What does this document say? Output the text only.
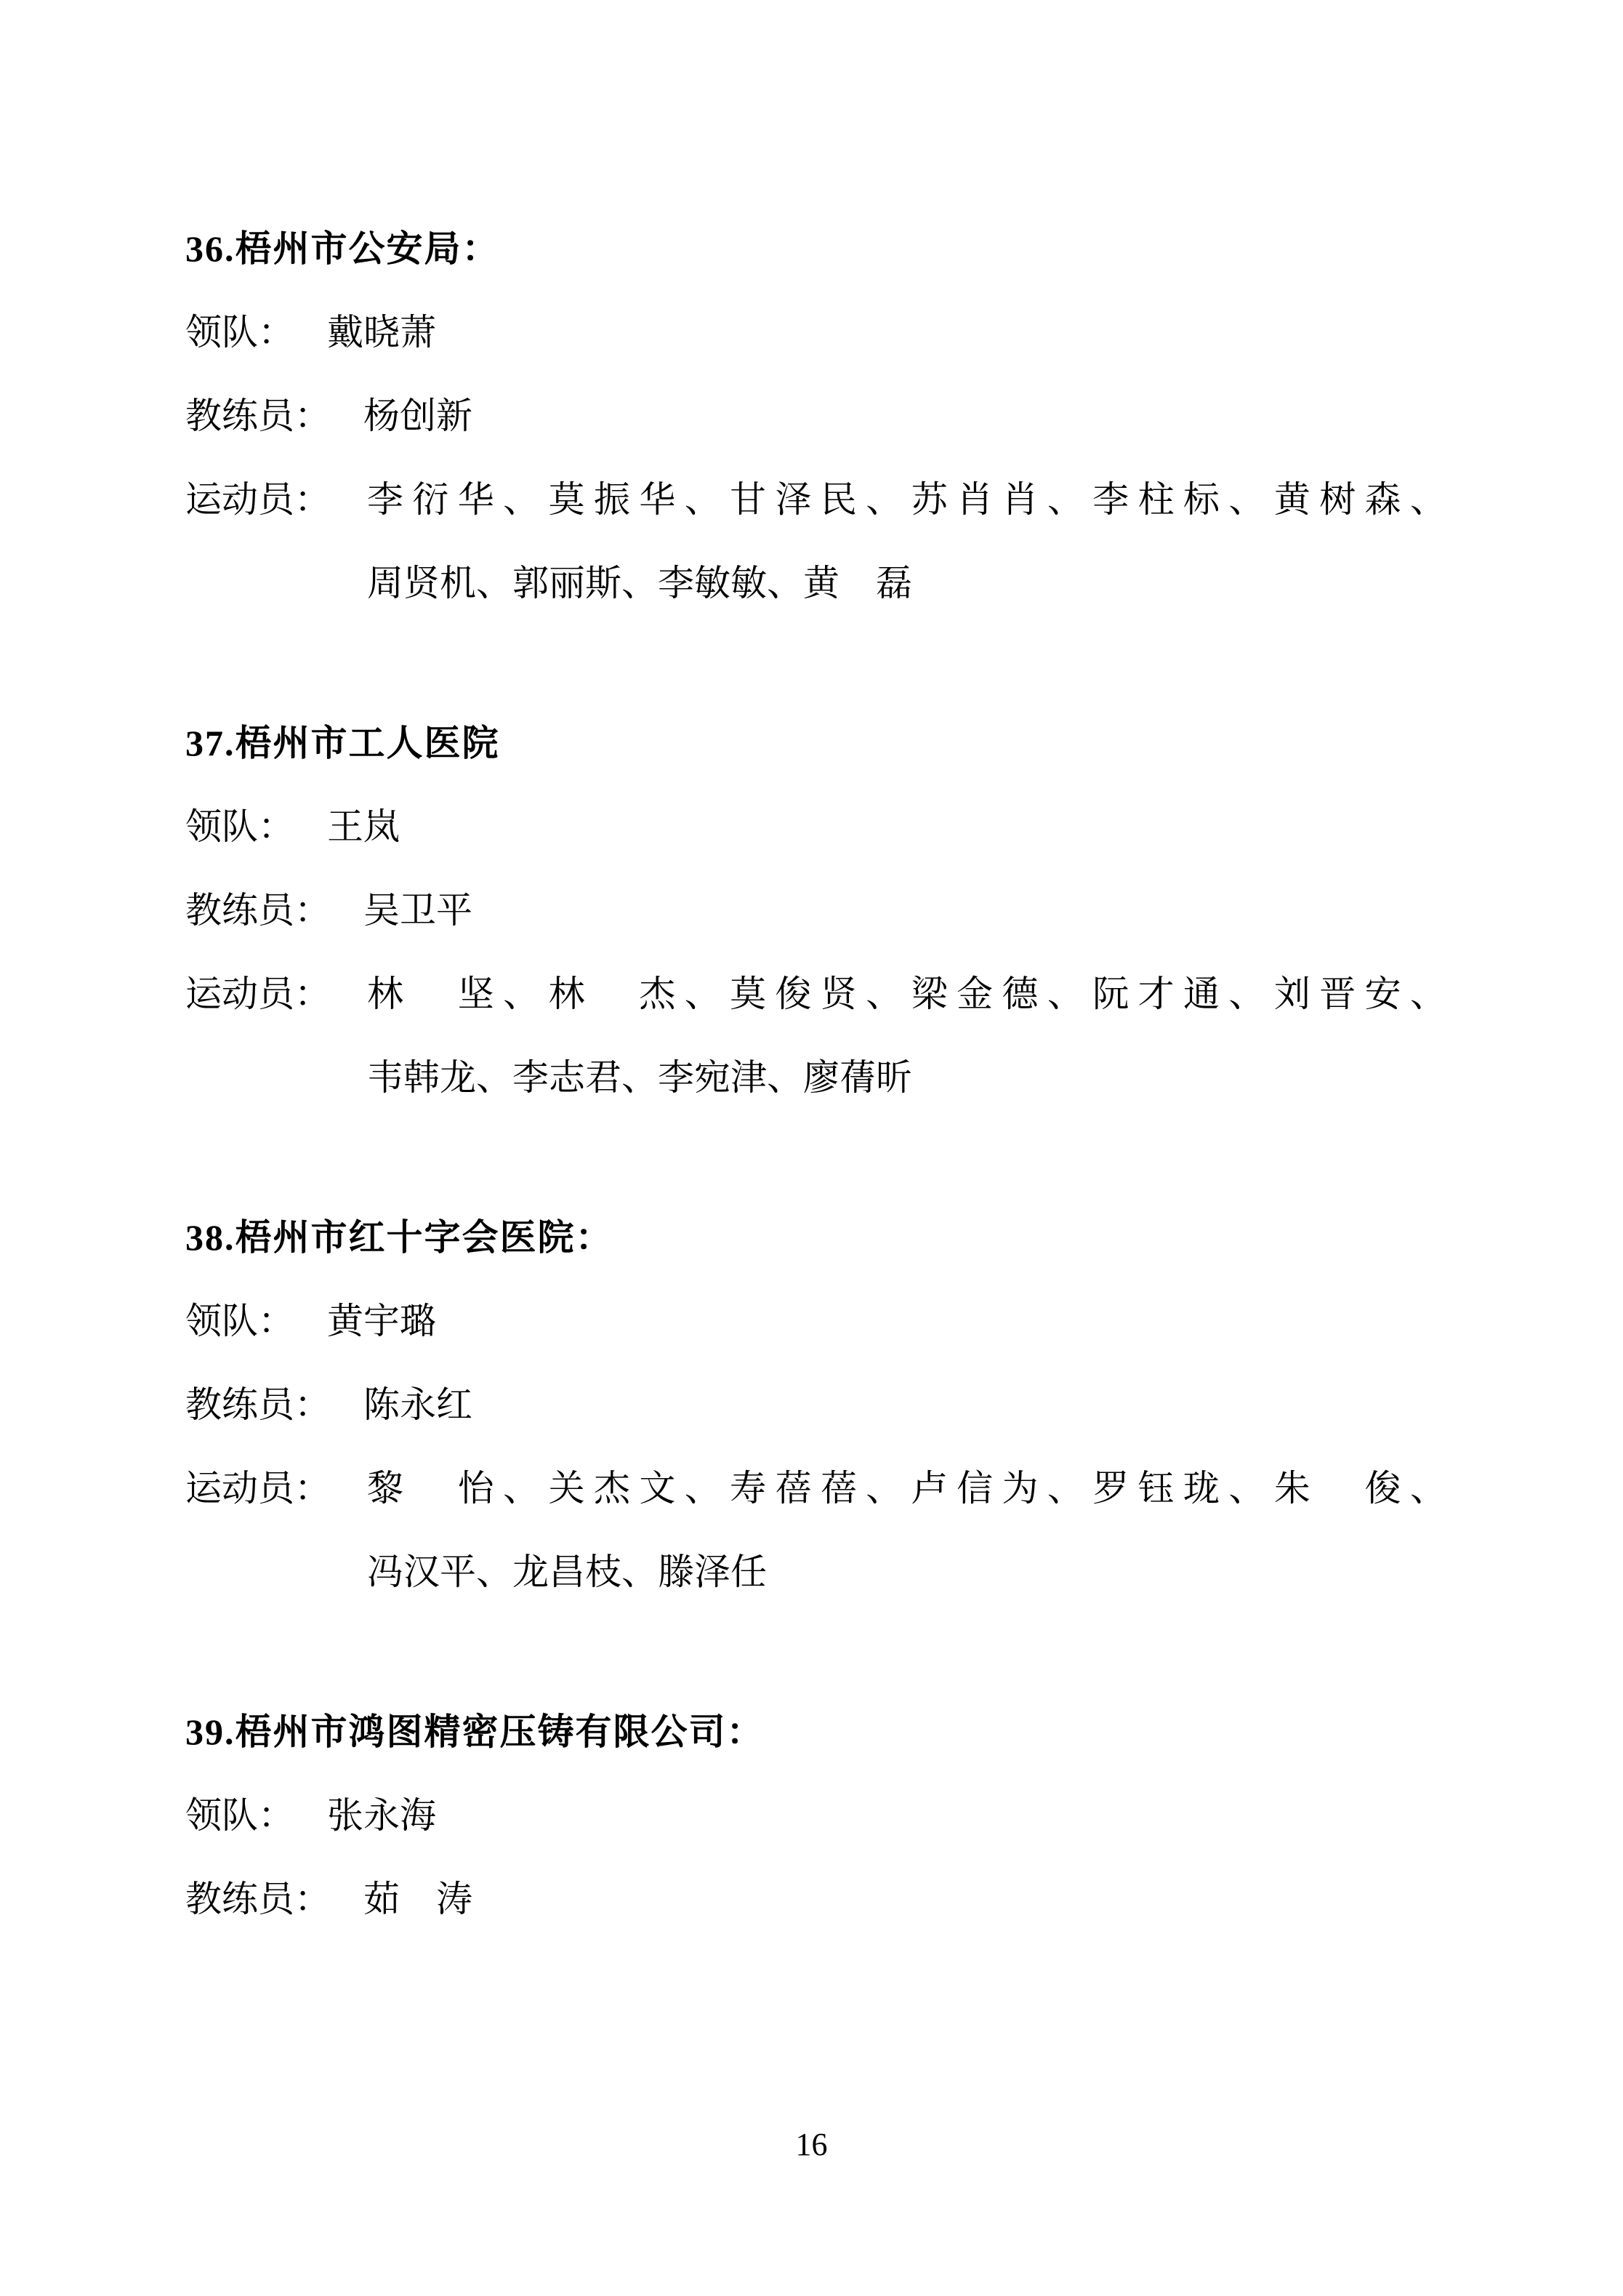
36.梧州市公安局：
领队： 戴晓萧
教练员： 杨创新
运动员：	李衍华、莫振华、甘泽民、苏肖肖、李柱标、黄树森、
周贤机、郭丽斯、李敏敏、黄　磊
37.梧州市工人医院
领队： 王岚
教练员： 吴卫平
运动员：	林　坚、林　杰、莫俊贤、梁金德、阮才通、刘晋安、
韦韩龙、李志君、李宛津、廖蒨昕
38.梧州市红十字会医院：
领队： 黄宇璐
教练员： 陈永红
运动员：	黎　怡、关杰文、寿蓓蓓、卢信为、罗钰珑、朱　俊、
冯汉平、龙昌枝、滕泽任
39.梧州市鸿图精密压铸有限公司：
领队： 张永海
教练员： 茹　涛
16
